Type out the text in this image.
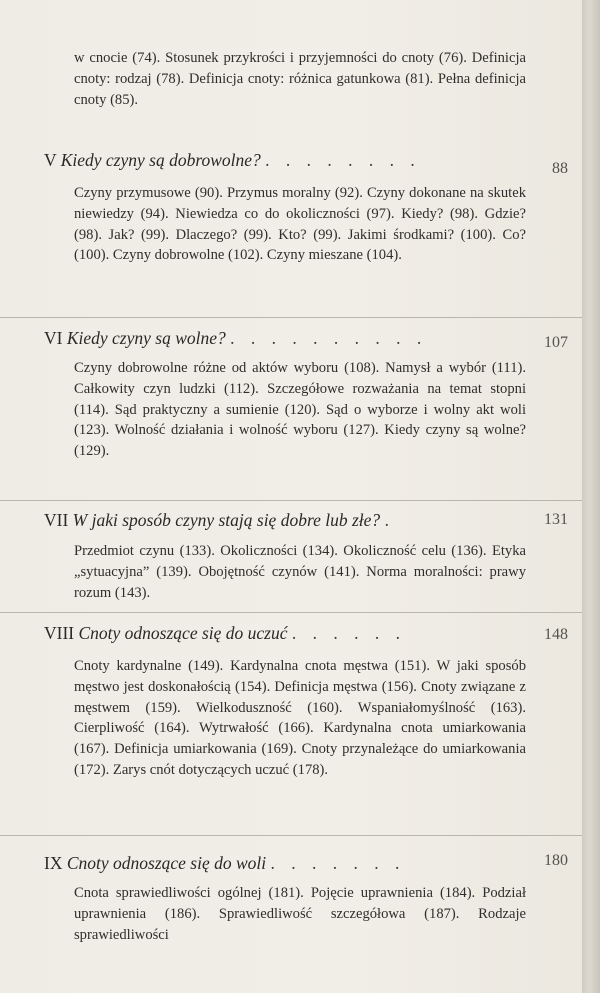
w cnocie (74). Stosunek przykrości i przyjemności do cnoty (76). Definicja cnoty: rodzaj (78). Definicja cnoty: różnica gatunkowa (81). Pełna definicja cnoty (85).
V Kiedy czyny są dobrowolne? . . . . . . . .	88
Czyny przymusowe (90). Przymus moralny (92). Czyny dokonane na skutek niewiedzy (94). Niewiedza co do okoliczności (97). Kiedy? (98). Gdzie? (98). Jak? (99). Dlaczego? (99). Kto? (99). Jakimi środkami? (100). Co? (100). Czyny dobrowolne (102). Czyny mieszane (104).
VI Kiedy czyny są wolne? . . . . . . . . . .	107
Czyny dobrowolne różne od aktów wyboru (108). Namysł a wybór (111). Całkowity czyn ludzki (112). Szczegółowe rozważania na temat stopni (114). Sąd praktyczny a sumienie (120). Sąd o wyborze i wolny akt woli (123). Wolność działania i wolność wyboru (127). Kiedy czyny są wolne? (129).
VII W jaki sposób czyny stają się dobre lub złe? .	131
Przedmiot czynu (133). Okoliczności (134). Okoliczność celu (136). Etyka „sytuacyjna” (139). Obojętność czynów (141). Norma moralności: prawy rozum (143).
VIII Cnoty odnoszące się do uczuć . . . . . .	148
Cnoty kardynalne (149). Kardynalna cnota męstwa (151). W jaki sposób męstwo jest doskonałością (154). Definicja męstwa (156). Cnoty związane z męstwem (159). Wielkoduszność (160). Wspaniałomyślność (163). Cierpliwość (164). Wytrwałość (166). Kardynalna cnota umiarkowania (167). Definicja umiarkowania (169). Cnoty przynależące do umiarkowania (172). Zarys cnót dotyczących uczuć (178).
IX Cnoty odnoszące się do woli . . . . . . .	180
Cnota sprawiedliwości ogólnej (181). Pojęcie uprawnienia (184). Podział uprawnienia (186). Sprawiedliwość szczegółowa (187). Rodzaje sprawiedliwości
